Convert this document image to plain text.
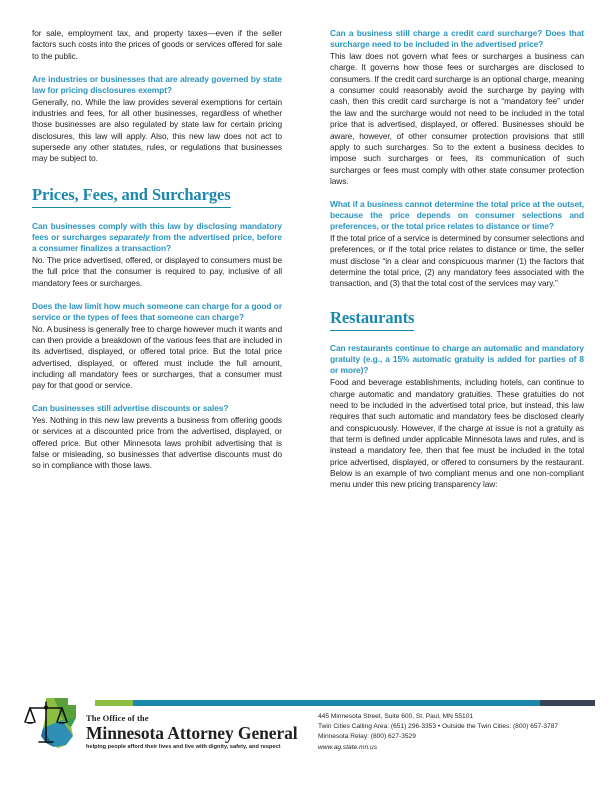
for sale, employment tax, and property taxes—even if the seller factors such costs into the prices of goods or services offered for sale to the public.

Are industries or businesses that are already governed by state law for pricing disclosures exempt?

Generally, no. While the law provides several exemptions for certain industries and fees, for all other businesses, regardless of whether those businesses are also regulated by state law for certain pricing disclosures, this law will apply. Also, this new law does not act to supersede any other statutes, rules, or regulations that businesses may be subject to.

Prices, Fees, and Surcharges
Can businesses comply with this law by disclosing mandatory fees or surcharges separately from the advertised price, before a consumer finalizes a transaction?

No. The price advertised, offered, or displayed to consumers must be the full price that the consumer is required to pay, inclusive of all mandatory fees or surcharges.

Does the law limit how much someone can charge for a good or service or the types of fees that someone can charge?

No. A business is generally free to charge however much it wants and can then provide a breakdown of the various fees that are included in its advertised, displayed, or offered total price. But the total price advertised, displayed, or offered must include the full amount, including all mandatory fees or surcharges, that a consumer must pay for that good or service.

Can businesses still advertise discounts or sales?

Yes. Nothing in this new law prevents a business from offering goods or services at a discounted price from the advertised, displayed, or offered price. But other Minnesota laws prohibit advertising that is false or misleading, so businesses that advertise discounts must do so in compliance with those laws.

Can a business still charge a credit card surcharge? Does that surcharge need to be included in the advertised price?

This law does not govern what fees or surcharges a business can charge. It governs how those fees or surcharges are disclosed to consumers. If the credit card surcharge is an optional charge, meaning a consumer could reasonably avoid the surcharge by paying with cash, then this credit card surcharge is not a “mandatory fee” under the law and the surcharge would not need to be included in the total price that is advertised, displayed, or offered. Businesses should be aware, however, of other consumer protection provisions that still apply to such surcharges. So to the extent a business decides to impose such surcharges or fees, its communication of such surcharges or fees must comply with other state consumer protection laws.

What if a business cannot determine the total price at the outset, because the price depends on consumer selections and preferences, or the total price relates to distance or time?

If the total price of a service is determined by consumer selections and preferences, or if the total price relates to distance or time, the seller must disclose “in a clear and conspicuous manner (1) the factors that determine the total price, (2) any mandatory fees associated with the transaction, and (3) that the total cost of the services may vary.”

Restaurants
Can restaurants continue to charge an automatic and mandatory gratuity (e.g., a 15% automatic gratuity is added for parties of 8 or more)?

Food and beverage establishments, including hotels, can continue to charge automatic and mandatory gratuities. These gratuities do not need to be included in the advertised total price, but instead, this law requires that such automatic and mandatory fees be disclosed clearly and conspicuously. However, if the charge at issue is not a gratuity as that term is defined under applicable Minnesota laws and rules, and is instead a mandatory fee, then that fee must be included in the total price advertised, displayed, or offered to consumers by the restaurant. Below is an example of two compliant menus and one non-compliant menu under this new pricing transparency law:

The Office of the
Minnesota Attorney General
helping people afford their lives and live with dignity, safety, and respect
445 Minnesota Street, Suite 600, St. Paul, MN 55101
Twin Cities Calling Area: (651) 296-3353 • Outside the Twin Cities: (800) 657-3787
Minnesota Relay: (800) 627-3529
www.ag.state.mn.us
